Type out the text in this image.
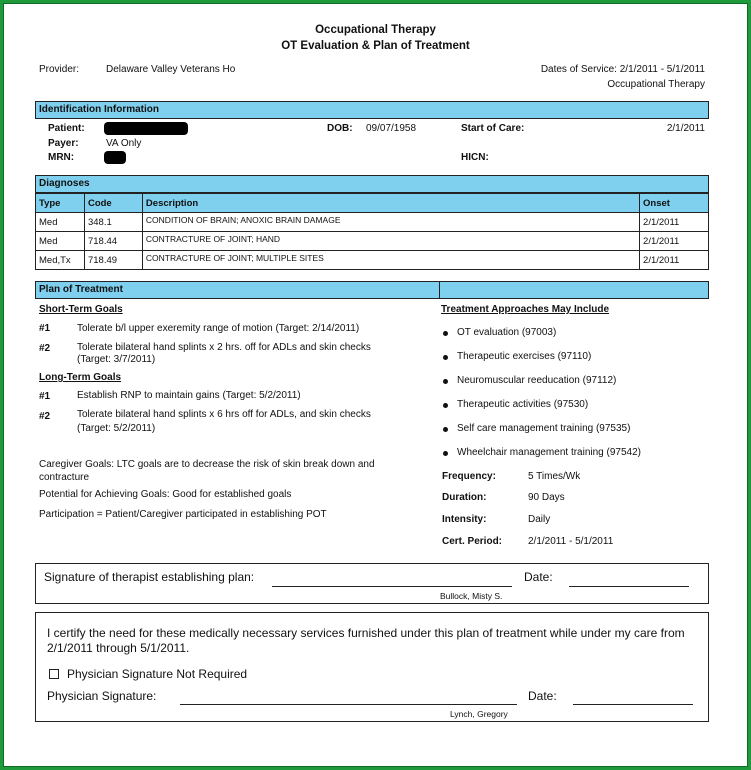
Occupational Therapy
OT Evaluation & Plan of Treatment
Provider:	Delaware Valley Veterans Ho	Dates of Service: 2/1/2011 - 5/1/2011
Occupational Therapy
Identification Information
Patient:
Payer:	VA Only
MRN:
DOB: 09/07/1958	Start of Care:	2/1/2011
HICN:
Diagnoses
Type	Code	Description	Onset
Med	348.1	CONDITION OF BRAIN; ANOXIC BRAIN DAMAGE	2/1/2011
Med	718.44	CONTRACTURE OF JOINT; HAND	2/1/2011
Med,Tx	718.49	CONTRACTURE OF JOINT; MULTIPLE SITES	2/1/2011
Plan of Treatment
Short-Term Goals
#1	Tolerate b/l upper exeremity range of motion (Target: 2/14/2011)
#2	Tolerate bilateral hand splints x 2 hrs. off for ADLs and skin checks
(Target: 3/7/2011)
Long-Term Goals
#1	Establish RNP to maintain gains (Target: 5/2/2011)
#2	Tolerate bilateral hand splints x 6 hrs off for ADLs, and skin checks
(Target: 5/2/2011)
Caregiver Goals: LTC goals are to decrease the risk of skin break down and
contracture
Potential for Achieving Goals: Good for established goals
Participation = Patient/Caregiver participated in establishing POT
Treatment Approaches May Include
OT evaluation (97003)
Therapeutic exercises (97110)
Neuromuscular reeducation (97112)
Therapeutic activities (97530)
Self care management training (97535)
Wheelchair management training (97542)
Frequency:	5 Times/Wk
Duration:	90 Days
Intensity:	Daily
Cert. Period:	2/1/2011 - 5/1/2011
Signature of therapist establishing plan:
Bullock, Misty S.
Date:
I certify the need for these medically necessary services furnished under this plan of treatment while under my care from
2/1/2011 through 5/1/2011.
Physician Signature Not Required
Physician Signature:
Lynch, Gregory
Date:
